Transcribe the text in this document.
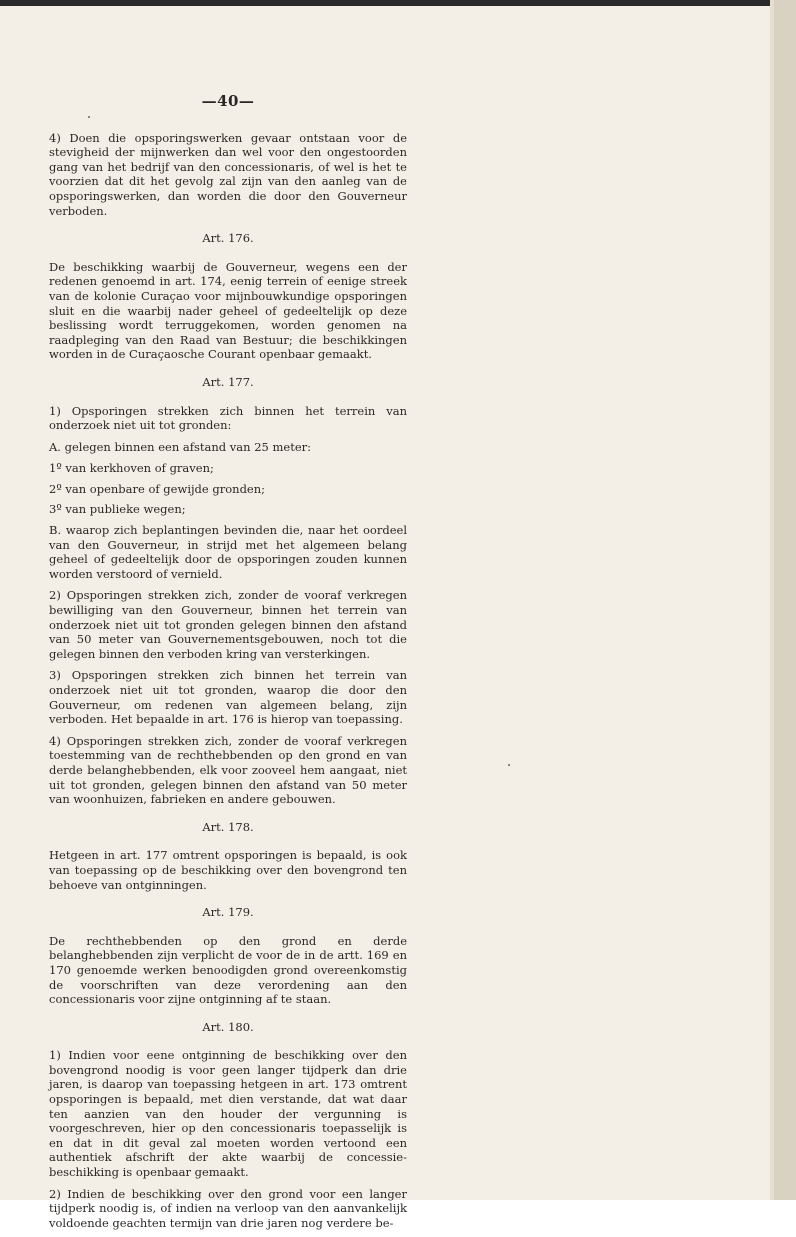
—40—

4) Doen die opsporingswerken gevaar ontstaan voor de stevigheid der mijnwerken dan wel voor den ongestoorden gang van het bedrijf van den concessionaris, of wel is het te voorzien dat dit het gevolg zal zijn van den aanleg van de opsporingswerken, dan worden die door den Gouverneur verboden.

Art. 176.

De beschikking waarbij de Gouverneur, wegens een der redenen genoemd in art. 174, eenig terrein of eenige streek van de kolonie Curaçao voor mijnbouwkundige opsporingen sluit en die waarbij nader geheel of gedeeltelijk op deze beslissing wordt terruggekomen, worden genomen na raadpleging van den Raad van Bestuur; die beschikkingen worden in de Curaçaosche Courant openbaar gemaakt.

Art. 177.

1) Opsporingen strekken zich binnen het terrein van onderzoek niet uit tot gronden:

A. gelegen binnen een afstand van 25 meter:

1º van kerkhoven of graven;
2º van openbare of gewijde gronden;
3º van publieke wegen;

B. waarop zich beplantingen bevinden die, naar het oordeel van den Gouverneur, in strijd met het algemeen belang geheel of gedeeltelijk door de opsporingen zouden kunnen worden verstoord of vernield.

2) Opsporingen strekken zich, zonder de vooraf verkregen bewilliging van den Gouverneur, binnen het terrein van onderzoek niet uit tot gronden gelegen binnen den afstand van 50 meter van Gouvernementsgebouwen, noch tot die gelegen binnen den verboden kring van versterkingen.

3) Opsporingen strekken zich binnen het terrein van onderzoek niet uit tot gronden, waarop die door den Gouverneur, om redenen van algemeen belang, zijn verboden. Het bepaalde in art. 176 is hierop van toepassing.

4) Opsporingen strekken zich, zonder de vooraf verkregen toestemming van de rechthebbenden op den grond en van derde belanghebbenden, elk voor zooveel hem aangaat, niet uit tot gronden, gelegen binnen den afstand van 50 meter van woonhuizen, fabrieken en andere gebouwen.

Art. 178.

Hetgeen in art. 177 omtrent opsporingen is bepaald, is ook van toepassing op de beschikking over den bovengrond ten behoeve van ontginningen.

Art. 179.

De rechthebbenden op den grond en derde belanghebbenden zijn verplicht de voor de in de artt. 169 en 170 genoemde werken benoodigden grond overeenkomstig de voorschriften van deze verordening aan den concessionaris voor zijne ontginning af te staan.

Art. 180.

1) Indien voor eene ontginning de beschikking over den bovengrond noodig is voor geen langer tijdperk dan drie jaren, is daarop van toepassing hetgeen in art. 173 omtrent opsporingen is bepaald, met dien verstande, dat wat daar ten aanzien van den houder der vergunning is voorgeschreven, hier op den concessionaris toepasselijk is en dat in dit geval zal moeten worden vertoond een authentiek afschrift der akte waarbij de concessie-beschikking is openbaar gemaakt.

2) Indien de beschikking over den grond voor een langer tijdperk noodig is, of indien na verloop van den aanvankelijk voldoende geachten termijn van drie jaren nog verdere be-
